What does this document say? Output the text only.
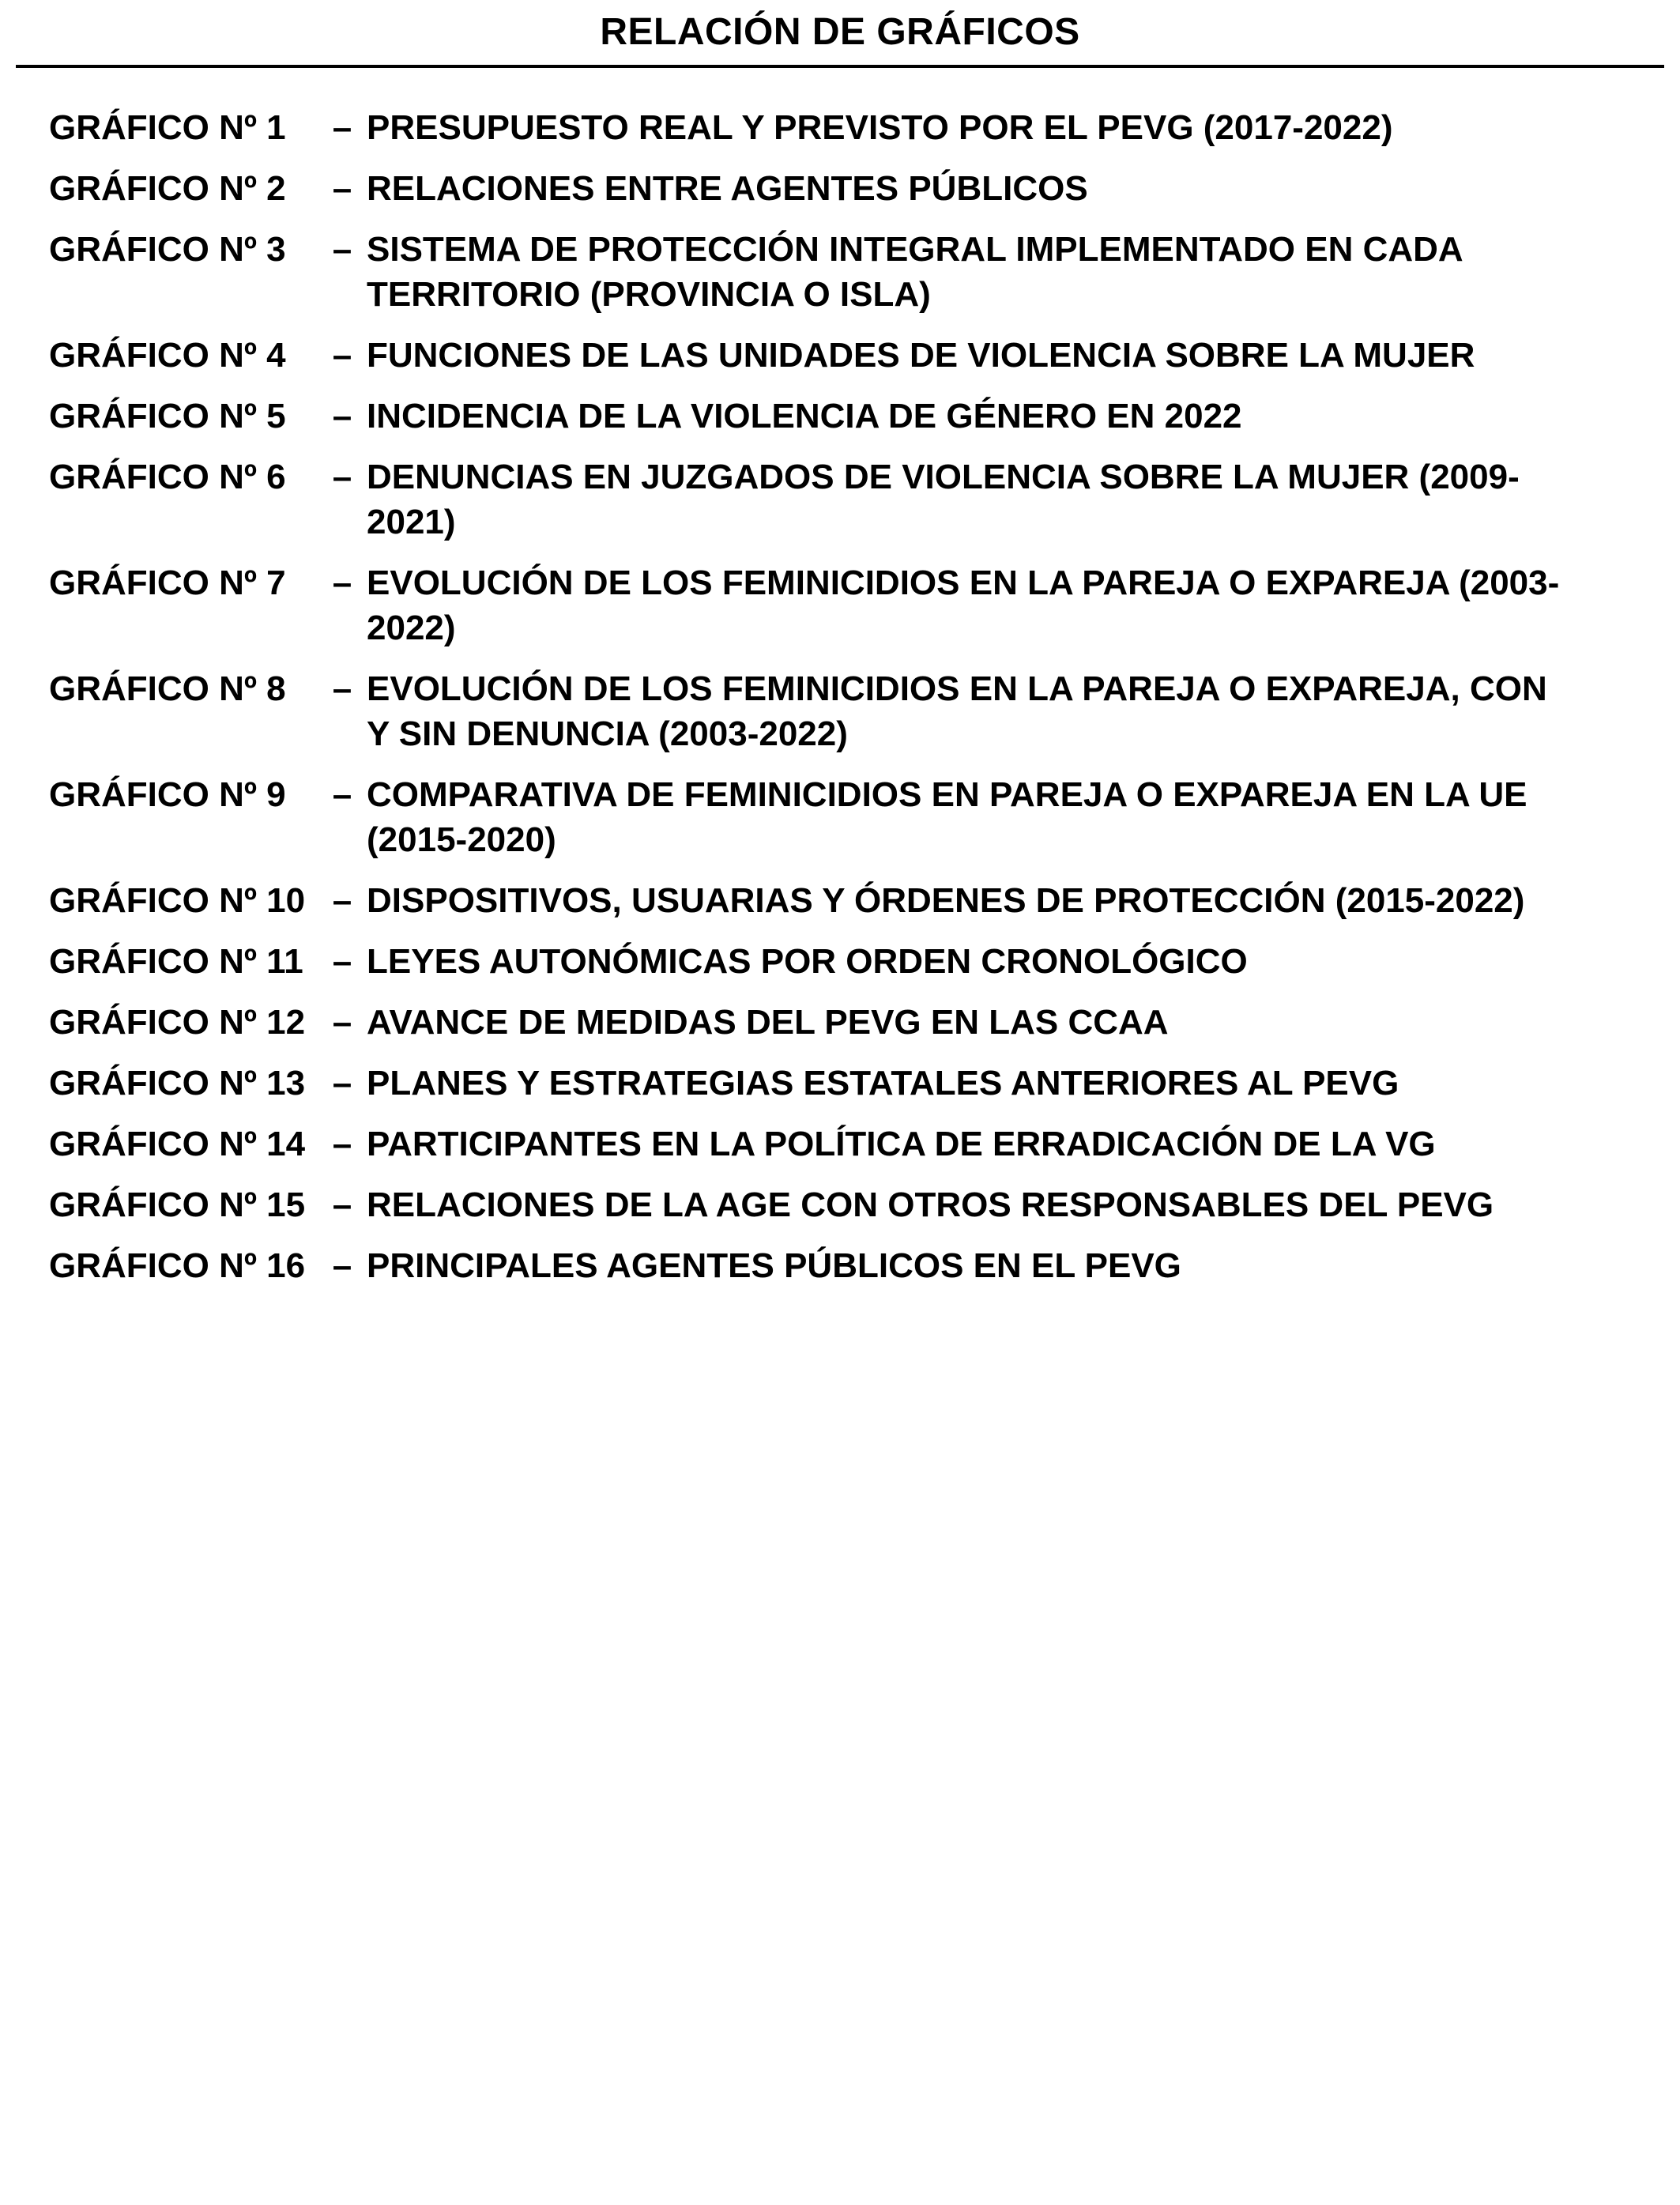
RELACIÓN DE GRÁFICOS
GRÁFICO Nº 1	– PRESUPUESTO REAL Y PREVISTO POR EL PEVG (2017-2022)
GRÁFICO Nº 2	– RELACIONES ENTRE AGENTES PÚBLICOS
GRÁFICO Nº 3	– SISTEMA DE PROTECCIÓN INTEGRAL IMPLEMENTADO EN CADA
TERRITORIO (PROVINCIA O ISLA)
GRÁFICO Nº 4	– FUNCIONES DE LAS UNIDADES DE VIOLENCIA SOBRE LA MUJER
GRÁFICO Nº 5	– INCIDENCIA DE LA VIOLENCIA DE GÉNERO EN 2022
GRÁFICO Nº 6	– DENUNCIAS EN JUZGADOS DE VIOLENCIA SOBRE LA MUJER (2009-
2021)
GRÁFICO Nº 7	– EVOLUCIÓN DE LOS FEMINICIDIOS EN LA PAREJA O EXPAREJA (2003-
2022)
GRÁFICO Nº 8	– EVOLUCIÓN DE LOS FEMINICIDIOS EN LA PAREJA O EXPAREJA, CON
Y SIN DENUNCIA (2003-2022)
GRÁFICO Nº 9	– COMPARATIVA DE FEMINICIDIOS EN PAREJA O EXPAREJA EN LA UE
(2015-2020)
GRÁFICO Nº 10 – DISPOSITIVOS, USUARIAS Y ÓRDENES DE PROTECCIÓN (2015-2022)
GRÁFICO Nº 11 – LEYES AUTONÓMICAS POR ORDEN CRONOLÓGICO
GRÁFICO Nº 12 – AVANCE DE MEDIDAS DEL PEVG EN LAS CCAA
GRÁFICO Nº 13 – PLANES Y ESTRATEGIAS ESTATALES ANTERIORES AL PEVG
GRÁFICO Nº 14 – PARTICIPANTES EN LA POLÍTICA DE ERRADICACIÓN DE LA VG
GRÁFICO Nº 15 – RELACIONES DE LA AGE CON OTROS RESPONSABLES DEL PEVG
GRÁFICO Nº 16 – PRINCIPALES AGENTES PÚBLICOS EN EL PEVG
